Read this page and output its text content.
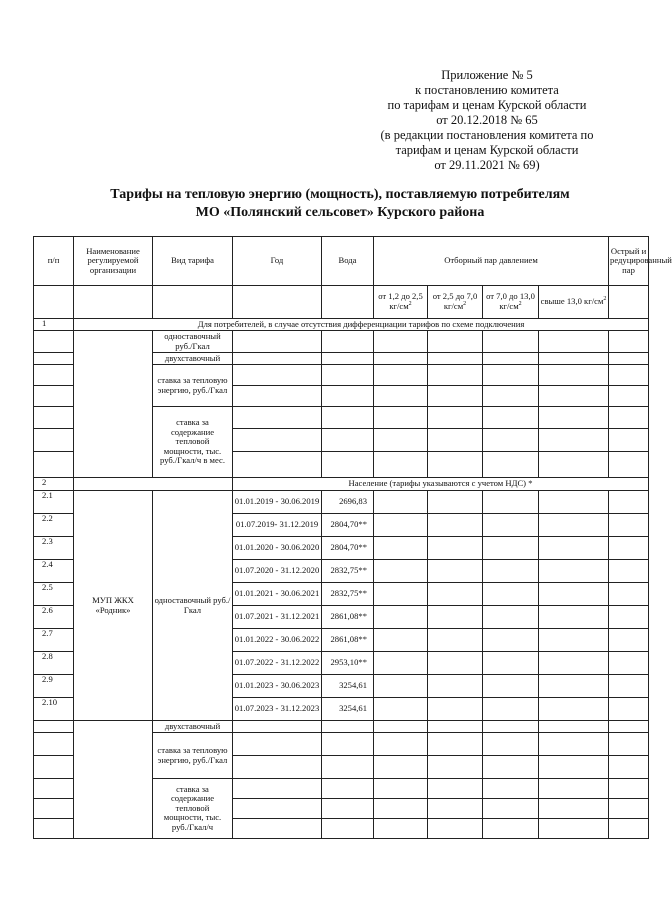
Приложение № 5
к постановлению комитета
по тарифам и ценам Курской области
от 20.12.2018 № 65
(в редакции постановления комитета по
тарифам и ценам Курской области
от 29.11.2021 № 69)
Тарифы на тепловую энергию (мощность), поставляемую потребителям
МО «Полянский сельсовет» Курского района
п/п	Наименование регулируемой организации	Вид тарифа	Год	Вода	Отборный пар давлением				Острый и редуцированный пар
					от 1,2 до 2,5 $кг/см^2$	от 2,5 до 7,0 $кг/см^2$	от 7,0 до 13,0 $кг/см^2$	свыше 13,0 $кг/см^2$	
1	Для потребителей, в случае отсутствия дифференциации тарифов по схеме подключения								
		одноставочный руб./Гкал							
		двухставочный							
		ставка за тепловую энергию, руб./Гкал							

		ставка за содержание тепловой мощности, тыс. руб./Гкал/ч в мес.							

2			Население (тарифы указываются с учетом НДС) *						
2.1	МУП ЖКХ «Родник»	одноставочный руб./Гкал	01.01.2019 - 30.06.2019	2696,83					
2.2			01.07.2019- 31.12.2019	2804,70**					
2.3			01.01.2020 - 30.06.2020	2804,70**					
2.4			01.07.2020 - 31.12.2020	2832,75**					
2.5			01.01.2021 - 30.06.2021	2832,75**					
2.6			01.07.2021 - 31.12.2021	2861,08**					
2.7			01.01.2022 - 30.06.2022	2861,08**					
2.8			01.07.2022 - 31.12.2022	2953,10**					
2.9			01.01.2023 - 30.06.2023	3254,61					
2.10			01.07.2023 - 31.12.2023	3254,61					
		двухставочный							
		ставка за тепловую энергию, руб./Гкал							

		ставка за содержание тепловой мощности, тыс. руб./Гкал/ч							
